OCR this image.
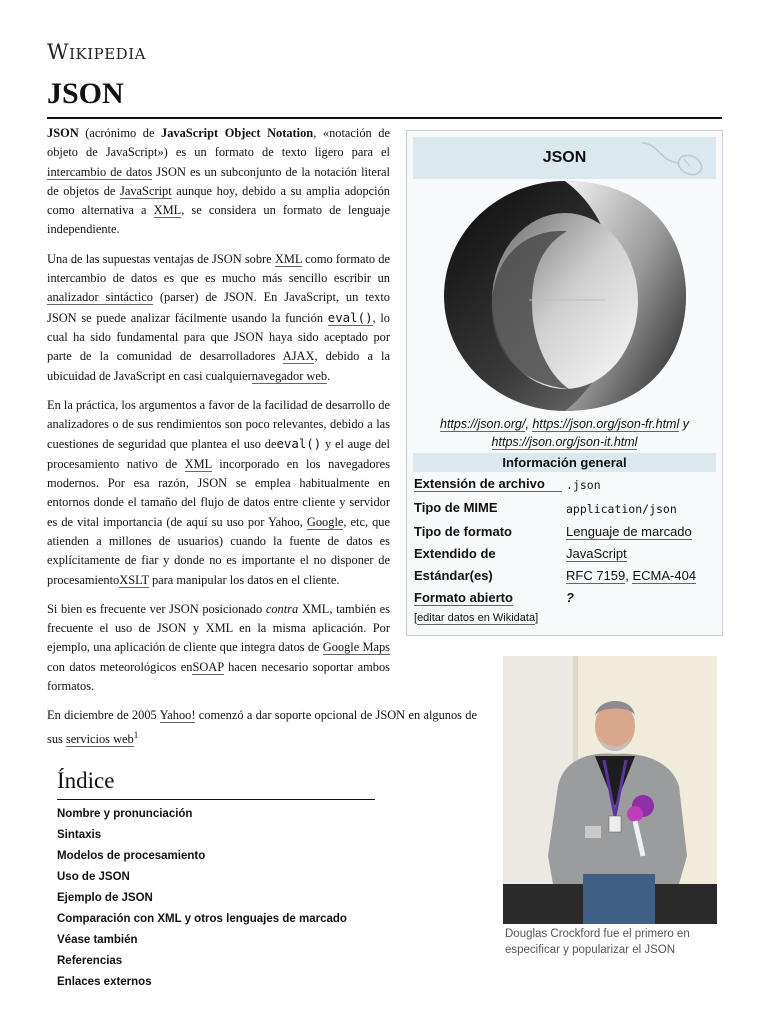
Wikipedia
JSON

JSON (acrónimo de JavaScript Object Notation, «notación de objeto de JavaScript») es un formato de texto ligero para el intercambio de datos JSON es un subconjunto de la notación literal de objetos de JavaScript aunque hoy, debido a su amplia adopción como alternativa a XML, se considera un formato de lenguaje independiente.

Una de las supuestas ventajas de JSON sobre XML como formato de intercambio de datos es que es mucho más sencillo escribir un analizador sintáctico (parser) de JSON. En JavaScript, un texto JSON se puede analizar fácilmente usando la función eval(), lo cual ha sido fundamental para que JSON haya sido aceptado por parte de la comunidad de desarrolladores AJAX, debido a la ubicuidad de JavaScript en casi cualquiernavegador web.

En la práctica, los argumentos a favor de la facilidad de desarrollo de analizadores o de sus rendimientos son poco relevantes, debido a las cuestiones de seguridad que plantea el uso deeval() y el auge del procesamiento nativo de XML incorporado en los navegadores modernos. Por esa razón, JSON se emplea habitualmente en entornos donde el tamaño del flujo de datos entre cliente y servidor es de vital importancia (de aquí su uso por Yahoo, Google, etc, que atienden a millones de usuarios) cuando la fuente de datos es explícitamente de fiar y donde no es importante el no disponer de procesamientoXSLT para manipular los datos en el cliente.

Si bien es frecuente ver JSON posicionado contra XML, también es frecuente el uso de JSON y XML en la misma aplicación. Por ejemplo, una aplicación de cliente que integra datos de Google Maps con datos meteorológicos enSOAP hacen necesario soportar ambos formatos.

En diciembre de 2005 Yahoo! comenzó a dar soporte opcional de JSON en algunos de sus servicios web$^1$

JSON
https://json.org/, https://json.org/json-fr.html y https://json.org/json-it.html
Información general
Extensión de archivo	.json
Tipo de MIME	application/json
Tipo de formato	Lenguaje de marcado
Extendido de	JavaScript
Estándar(es)	RFC 7159, ECMA-404
Formato abierto	?
[editar datos en Wikidata]
Douglas Crockford fue el primero en especificar y popularizar el JSON
Índice
Nombre y pronunciación
Sintaxis
Modelos de procesamiento
Uso de JSON
Ejemplo de JSON
Comparación con XML y otros lenguajes de marcado
Véase también
Referencias
Enlaces externos
